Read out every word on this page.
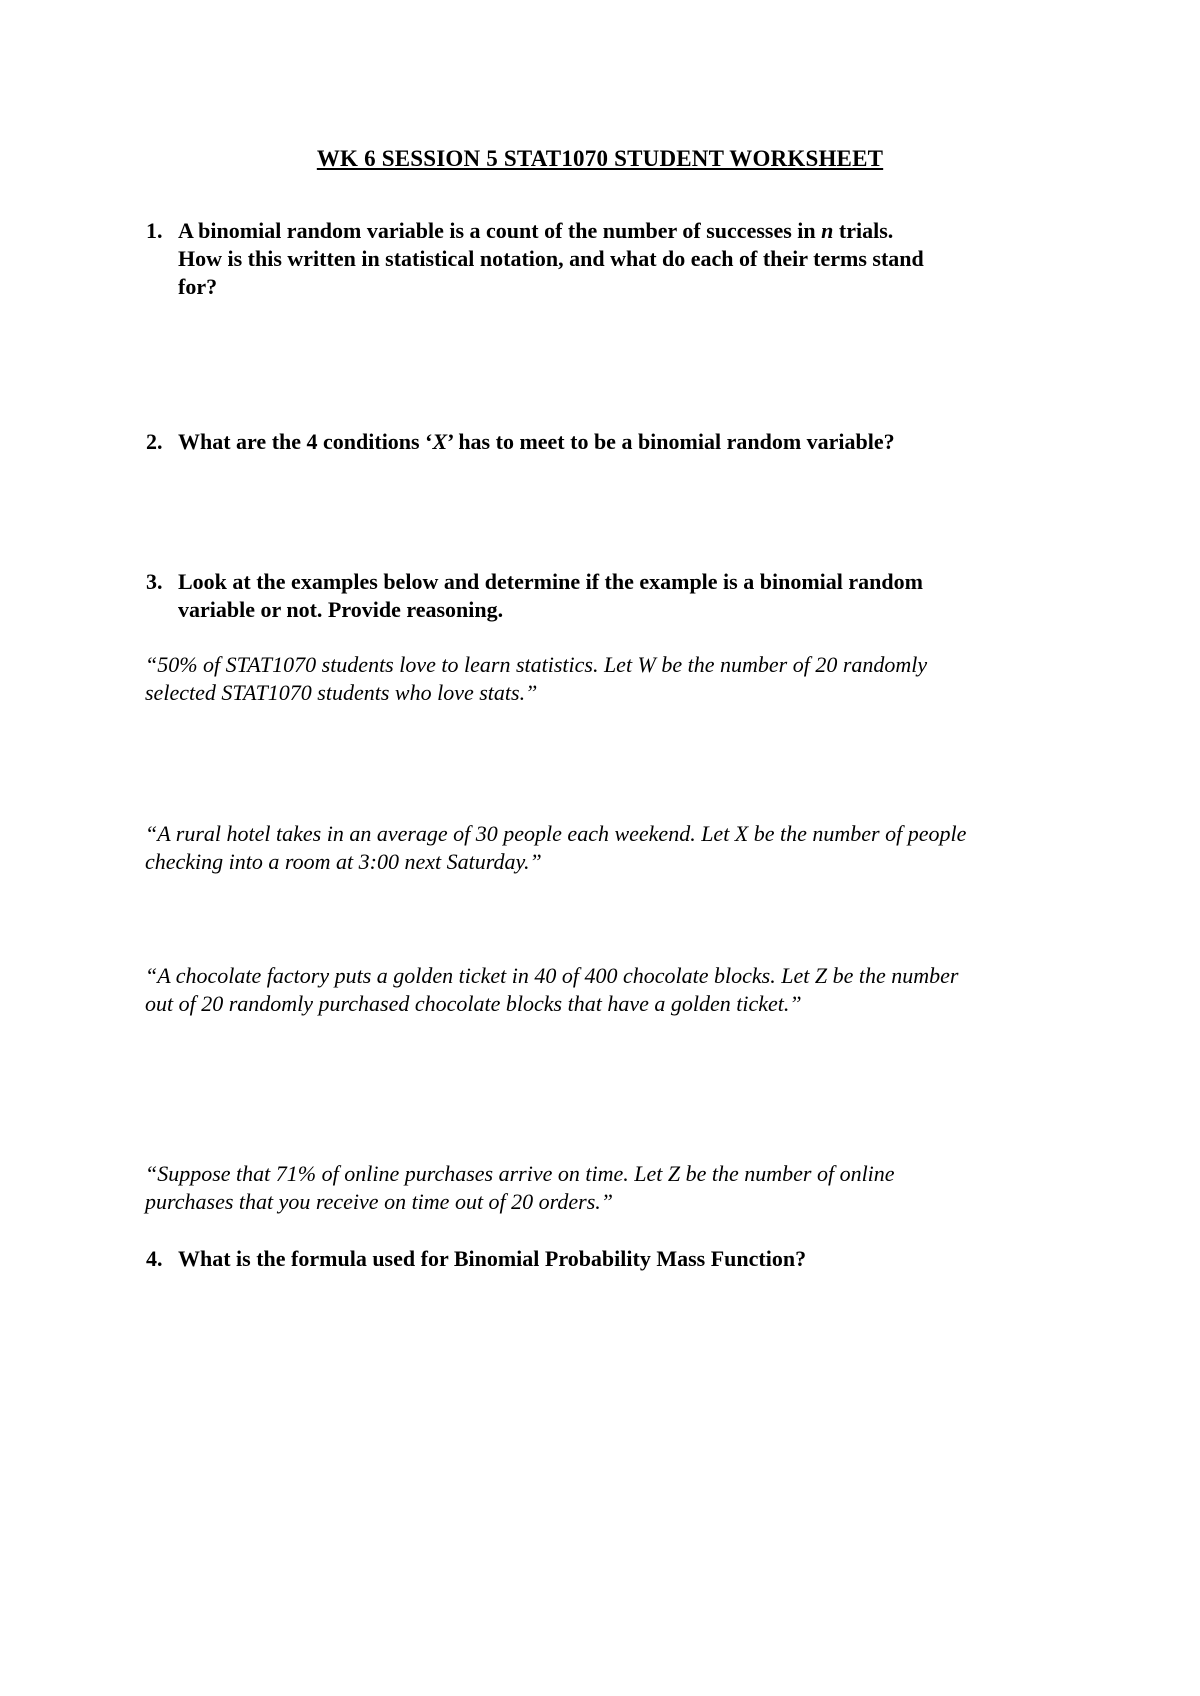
WK 6 SESSION 5 STAT1070 STUDENT WORKSHEET
1. A binomial random variable is a count of the number of successes in n trials.
How is this written in statistical notation, and what do each of their terms stand
for?
2. What are the 4 conditions ‘X’ has to meet to be a binomial random variable?
3. Look at the examples below and determine if the example is a binomial random
variable or not. Provide reasoning.
“50% of STAT1070 students love to learn statistics. Let W be the number of 20 randomly
selected STAT1070 students who love stats.”
“A rural hotel takes in an average of 30 people each weekend. Let X be the number of people
checking into a room at 3:00 next Saturday.”
“A chocolate factory puts a golden ticket in 40 of 400 chocolate blocks. Let Z be the number
out of 20 randomly purchased chocolate blocks that have a golden ticket.”
“Suppose that 71% of online purchases arrive on time. Let Z be the number of online
purchases that you receive on time out of 20 orders.”
4. What is the formula used for Binomial Probability Mass Function?
